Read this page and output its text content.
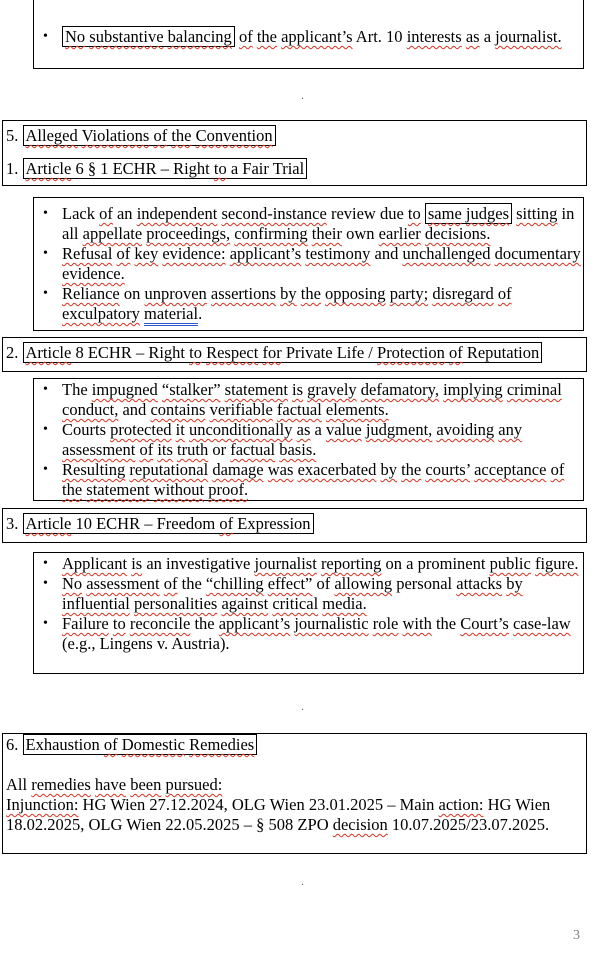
• No substantive balancing of the applicant’s Art. 10 interests as a journalist.
.
5. Alleged Violations of the Convention
1. Article 6 § 1 ECHR – Right to a Fair Trial
• Lack of an independent second-instance review due to same judges sitting in all appellate proceedings, confirming their own earlier decisions.
• Refusal of key evidence: applicant’s testimony and unchallenged documentary evidence.
• Reliance on unproven assertions by the opposing party; disregard of exculpatory material.
2. Article 8 ECHR – Right to Respect for Private Life / Protection of Reputation
• The impugned “stalker” statement is gravely defamatory, implying criminal conduct, and contains verifiable factual elements.
• Courts protected it unconditionally as a value judgment, avoiding any assessment of its truth or factual basis.
• Resulting reputational damage was exacerbated by the courts’ acceptance of the statement without proof.
3. Article 10 ECHR – Freedom of Expression
• Applicant is an investigative journalist reporting on a prominent public figure.
• No assessment of the “chilling effect” of allowing personal attacks by influential personalities against critical media.
• Failure to reconcile the applicant’s journalistic role with the Court’s case-law (e.g., Lingens v. Austria).
.
6. Exhaustion of Domestic Remedies
All remedies have been pursued:
Injunction: HG Wien 27.12.2024, OLG Wien 23.01.2025 – Main action: HG Wien 18.02.2025, OLG Wien 22.05.2025 – § 508 ZPO decision 10.07.2025/23.07.2025.
.
3
